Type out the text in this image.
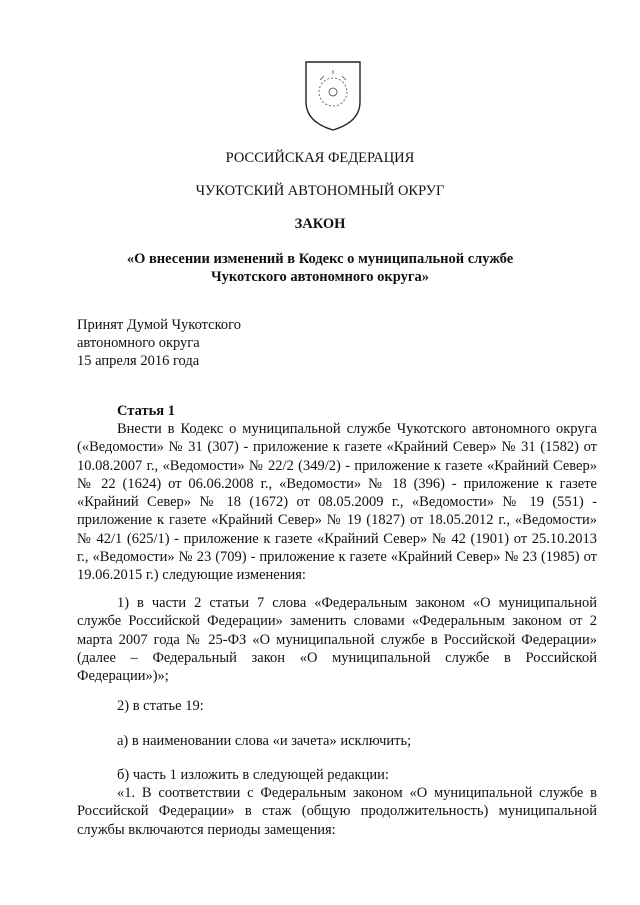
РОССИЙСКАЯ ФЕДЕРАЦИЯ
ЧУКОТСКИЙ АВТОНОМНЫЙ ОКРУГ
ЗАКОН
«О внесении изменений в Кодекс о муниципальной службе
Чукотского автономного округа»
Принят Думой Чукотского
автономного округа
15 апреля 2016 года
Статья 1

Внести в Кодекс о муниципальной службе Чукотского автономного округа («Ведомости» № 31 (307) - приложение к газете «Крайний Север» № 31 (1582) от 10.08.2007 г., «Ведомости» № 22/2 (349/2) - приложение к газете «Крайний Север» № 22 (1624) от 06.06.2008 г., «Ведомости» № 18 (396) - приложение к газете «Крайний Север» № 18 (1672) от 08.05.2009 г., «Ведомости» № 19 (551) - приложение к газете «Крайний Север» № 19 (1827) от 18.05.2012 г., «Ведомости» № 42/1 (625/1) - приложение к газете «Крайний Север» № 42 (1901) от 25.10.2013 г., «Ведомости» № 23 (709) - приложение к газете «Крайний Север» № 23 (1985) от 19.06.2015 г.) следующие изменения:

1) в части 2 статьи 7 слова «Федеральным законом «О муниципальной службе Российской Федерации» заменить словами «Федеральным законом от 2 марта 2007 года № 25-ФЗ «О муниципальной службе в Российской Федерации» (далее – Федеральный закон «О муниципальной службе в Российской Федерации»)»;

2) в статье 19:

а) в наименовании слова «и зачета» исключить;

б) часть 1 изложить в следующей редакции:

«1. В соответствии с Федеральным законом «О муниципальной службе в Российской Федерации» в стаж (общую продолжительность) муниципальной службы включаются периоды замещения:
